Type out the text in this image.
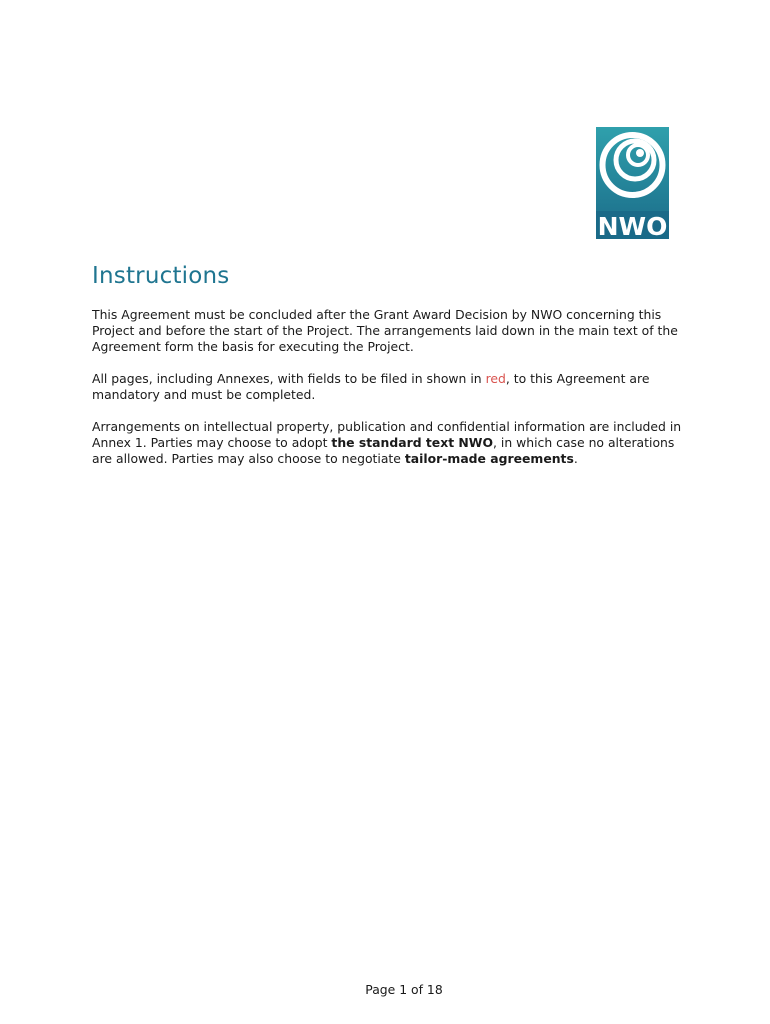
NWO
Instructions

This Agreement must be concluded after the Grant Award Decision by NWO concerning this Project and before the start of the Project. The arrangements laid down in the main text of the Agreement form the basis for executing the Project.

All pages, including Annexes, with fields to be filed in shown in red, to this Agreement are mandatory and must be completed.

Arrangements on intellectual property, publication and confidential information are included in Annex 1. Parties may choose to adopt the standard text NWO, in which case no alterations are allowed. Parties may also choose to negotiate tailor-made agreements.

Page 1 of 18
